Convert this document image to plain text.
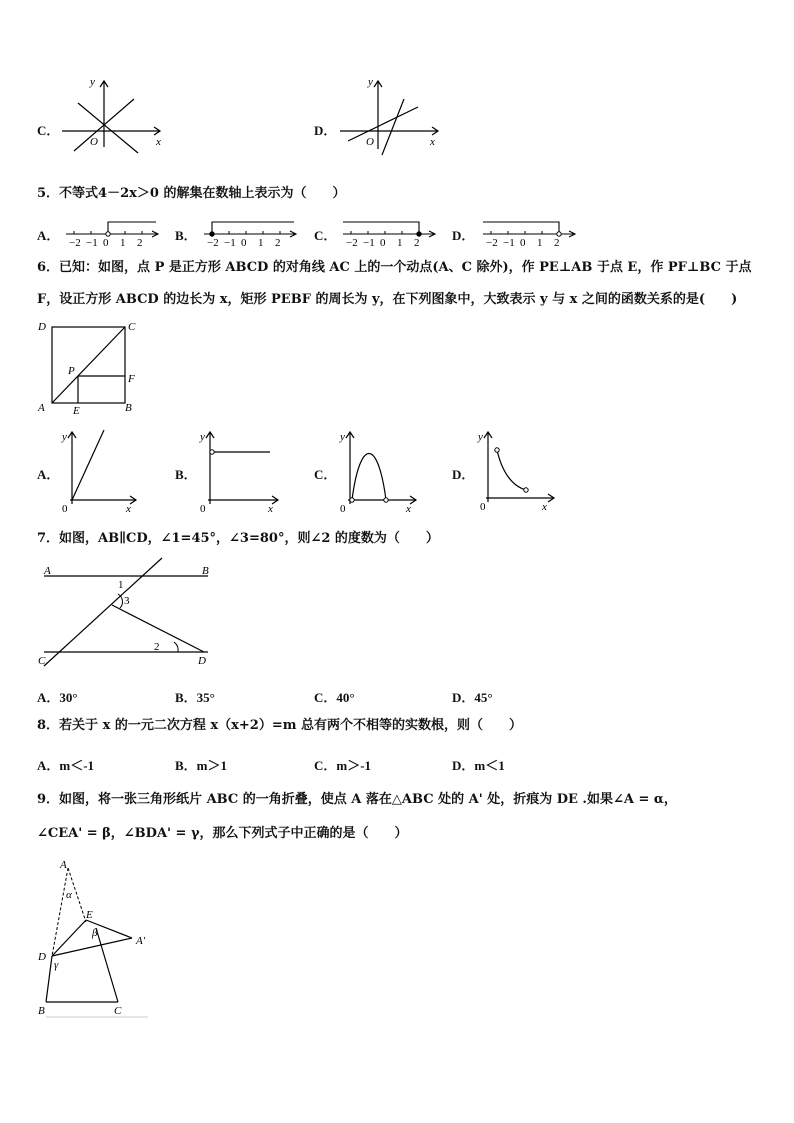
C．
x
y
O
D．
x
y
O
5．不等式4－2x＞0 的解集在数轴上表示为（　　）
A． −2 −1 0 1 2	B． −2 −1 0 1 2	C． −2 −1 0 1 2	D． −2 −1 0 1 2
6．已知：如图，点 P 是正方形 ABCD 的对角线 AC 上的一个动点(A、C 除外)，作 PE⊥AB 于点 E，作 PF⊥BC 于点
F，设正方形 ABCD 的边长为 x，矩形 PEBF 的周长为 y，在下列图象中，大致表示 y 与 x 之间的函数关系的是(　　)
D	C
P
F
A	E	B
A．
x
y
0
B．
x
y
0
C．
x
y
0
D．
x
y
0
7．如图，AB∥CD，∠1=45°，∠3=80°，则∠2 的度数为（　　）
A	B
1
3
2
C	D
A．30°	B．35°	C．40°	D．45°
8．若关于 x 的一元二次方程 x（x+2）=m 总有两个不相等的实数根，则（　　）
A．m＜-1	B．m＞1	C．m＞-1	D．m＜1
9．如图，将一张三角形纸片 ABC 的一角折叠，使点 A 落在△ABC 处的 A' 处，折痕为 DE .如果∠A = α，
∠CEA' = β，∠BDA' = γ，那么下列式子中正确的是（　　）
A
α
E
β
A'
D
γ
B	C
